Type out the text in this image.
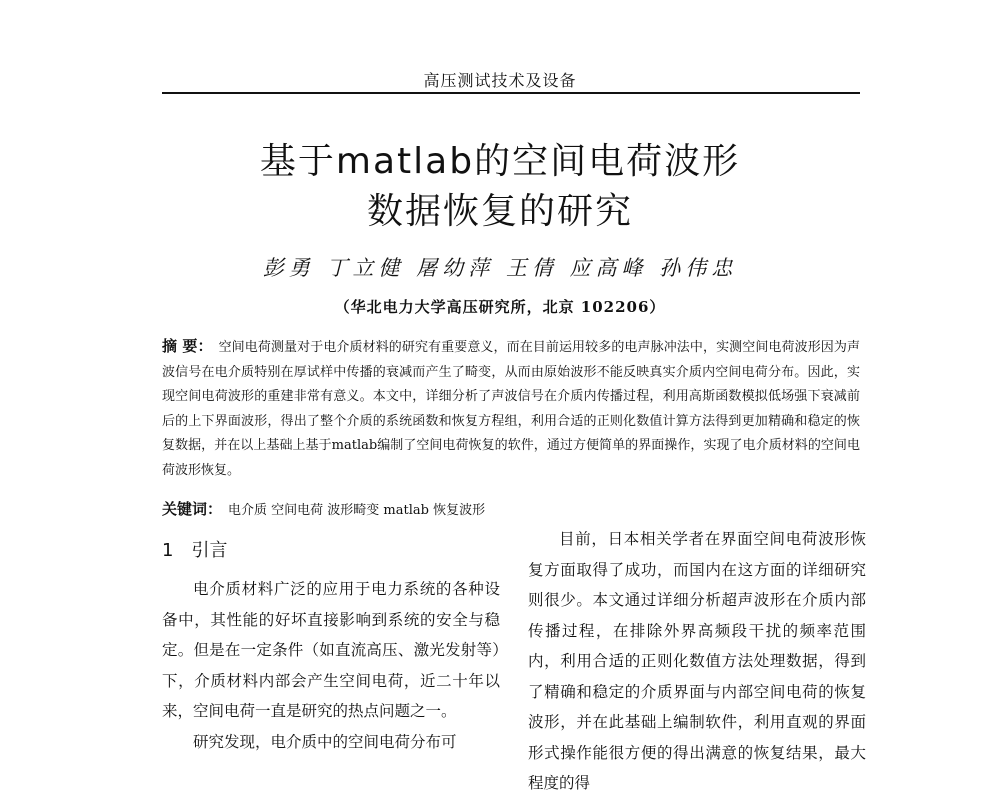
高压测试技术及设备
基于matlab的空间电荷波形
数据恢复的研究
彭勇 丁立健 屠幼萍 王倩 应高峰 孙伟忠
（华北电力大学高压研究所，北京 102206）
摘 要： 空间电荷测量对于电介质材料的研究有重要意义，而在目前运用较多的电声脉冲法中，实测空间电荷波形因为声波信号在电介质特别在厚试样中传播的衰减而产生了畸变，从而由原始波形不能反映真实介质内空间电荷分布。因此，实现空间电荷波形的重建非常有意义。本文中，详细分析了声波信号在介质内传播过程，利用高斯函数模拟低场强下衰减前后的上下界面波形，得出了整个介质的系统函数和恢复方程组，利用合适的正则化数值计算方法得到更加精确和稳定的恢复数据，并在以上基础上基于matlab编制了空间电荷恢复的软件，通过方便简单的界面操作，实现了电介质材料的空间电荷波形恢复。
关键词： 电介质 空间电荷 波形畸变 matlab 恢复波形
1 引言

电介质材料广泛的应用于电力系统的各种设备中，其性能的好坏直接影响到系统的安全与稳定。但是在一定条件（如直流高压、激光发射等）下，介质材料内部会产生空间电荷，近二十年以来，空间电荷一直是研究的热点问题之一。

研究发现，电介质中的空间电荷分布可

目前，日本相关学者在界面空间电荷波形恢复方面取得了成功，而国内在这方面的详细研究则很少。本文通过详细分析超声波形在介质内部传播过程，在排除外界高频段干扰的频率范围内，利用合适的正则化数值方法处理数据，得到了精确和稳定的介质界面与内部空间电荷的恢复波形，并在此基础上编制软件，利用直观的界面形式操作能很方便的得出满意的恢复结果，最大程度的得
